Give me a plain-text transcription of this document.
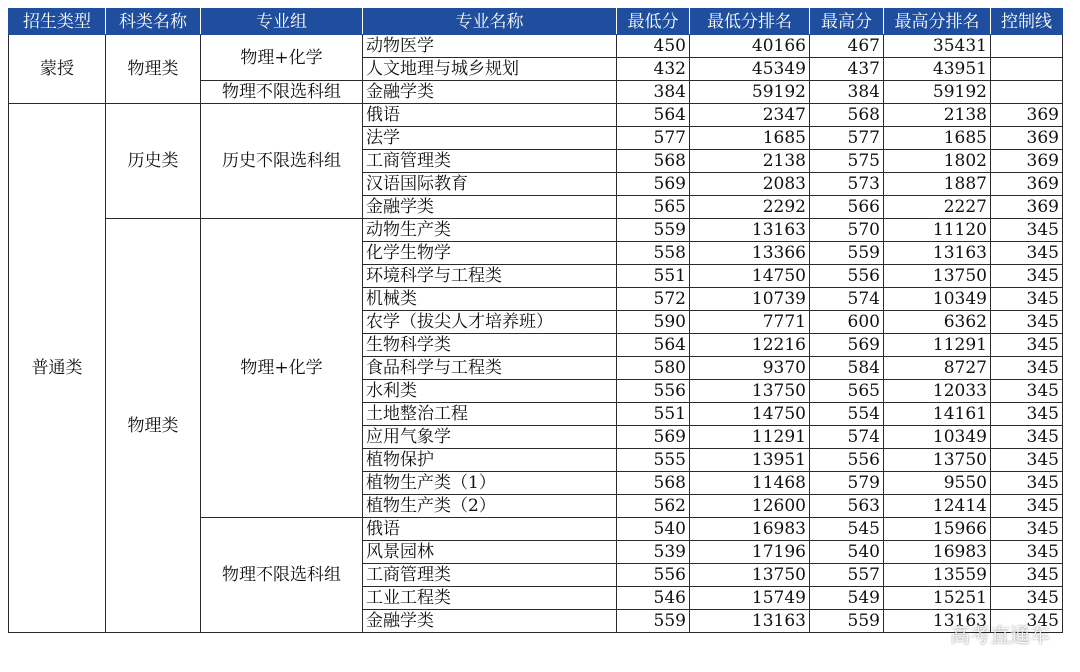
招生类型	科类名称	专业组	专业名称	最低分	最低分排名	最高分	最高分排名	控制线
蒙授	物理类	物理+化学	动物医学	450	40166	467	35431	
			人文地理与城乡规划	432	45349	437	43951	
		物理不限选科组	金融学类	384	59192	384	59192	
普通类	历史类	历史不限选科组	俄语	564	2347	568	2138	369
			法学	577	1685	577	1685	369
			工商管理类	568	2138	575	1802	369
			汉语国际教育	569	2083	573	1887	369
			金融学类	565	2292	566	2227	369
	物理类	物理+化学	动物生产类	559	13163	570	11120	345
			化学生物学	558	13366	559	13163	345
			环境科学与工程类	551	14750	556	13750	345
			机械类	572	10739	574	10349	345
			农学（拔尖人才培养班）	590	7771	600	6362	345
			生物科学类	564	12216	569	11291	345
			食品科学与工程类	580	9370	584	8727	345
			水利类	556	13750	565	12033	345
			土地整治工程	551	14750	554	14161	345
			应用气象学	569	11291	574	10349	345
			植物保护	555	13951	556	13750	345
			植物生产类（1）	568	11468	579	9550	345
			植物生产类（2）	562	12600	563	12414	345
		物理不限选科组	俄语	540	16983	545	15966	345
			风景园林	539	17196	540	16983	345
			工商管理类	556	13750	557	13559	345
			工业工程类	546	15749	549	15251	345
			金融学类	559	13163	559	13163	345
高考直通车
